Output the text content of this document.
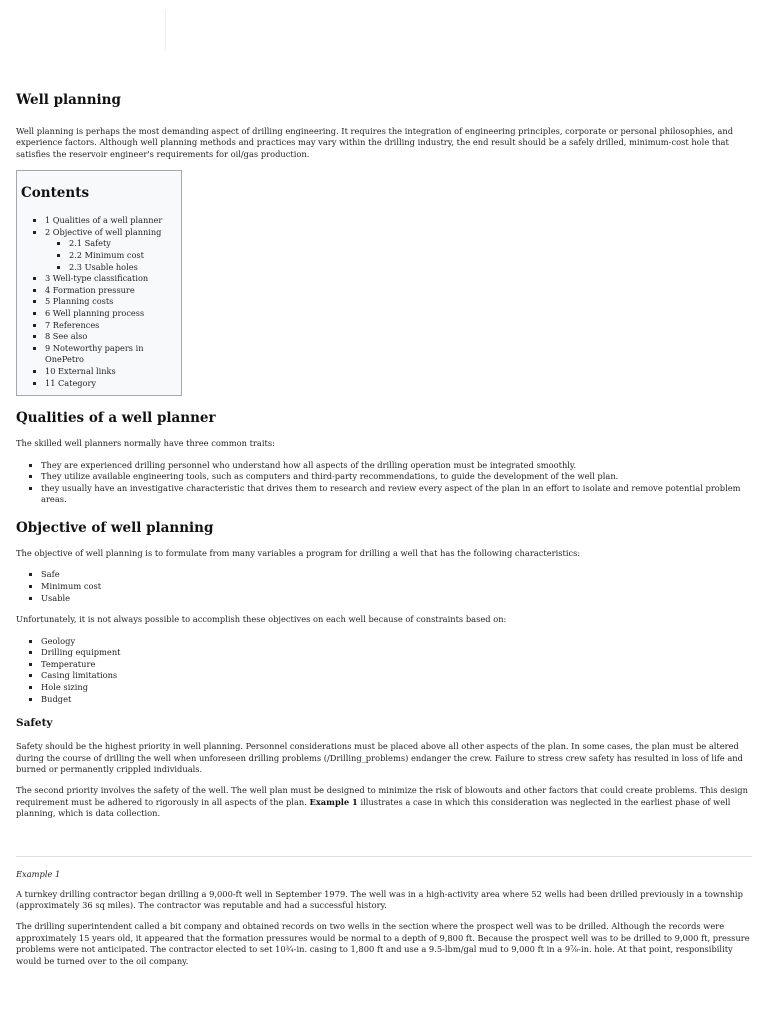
Well planning

Well planning is perhaps the most demanding aspect of drilling engineering. It requires the integration of engineering principles, corporate or personal philosophies, and experience factors. Although well planning methods and practices may vary within the drilling industry, the end result should be a safely drilled, minimum-cost hole that satisfies the reservoir engineer's requirements for oil/gas production.

Contents
▪ 1 Qualities of a well planner
▪ 2 Objective of well planning
▪ 2.1 Safety
▪ 2.2 Minimum cost
▪ 2.3 Usable holes
▪ 3 Well-type classification
▪ 4 Formation pressure
▪ 5 Planning costs
▪ 6 Well planning process
▪ 7 References
▪ 8 See also
▪ 9 Noteworthy papers in OnePetro
▪ 10 External links
▪ 11 Category
Qualities of a well planner

The skilled well planners normally have three common traits:

▪ They are experienced drilling personnel who understand how all aspects of the drilling operation must be integrated smoothly.
▪ They utilize available engineering tools, such as computers and third-party recommendations, to guide the development of the well plan.
▪ they usually have an investigative characteristic that drives them to research and review every aspect of the plan in an effort to isolate and remove potential problem areas.
Objective of well planning

The objective of well planning is to formulate from many variables a program for drilling a well that has the following characteristics:

▪ Safe
▪ Minimum cost
▪ Usable

Unfortunately, it is not always possible to accomplish these objectives on each well because of constraints based on:

▪ Geology
▪ Drilling equipment
▪ Temperature
▪ Casing limitations
▪ Hole sizing
▪ Budget
Safety

Safety should be the highest priority in well planning. Personnel considerations must be placed above all other aspects of the plan. In some cases, the plan must be altered during the course of drilling the well when unforeseen drilling problems (/Drilling_problems) endanger the crew. Failure to stress crew safety has resulted in loss of life and burned or permanently crippled individuals.

The second priority involves the safety of the well. The well plan must be designed to minimize the risk of blowouts and other factors that could create problems. This design requirement must be adhered to rigorously in all aspects of the plan. Example 1 illustrates a case in which this consideration was neglected in the earliest phase of well planning, which is data collection.

Example 1

A turnkey drilling contractor began drilling a 9,000-ft well in September 1979. The well was in a high-activity area where 52 wells had been drilled previously in a township (approximately 36 sq miles). The contractor was reputable and had a successful history.

The drilling superintendent called a bit company and obtained records on two wells in the section where the prospect well was to be drilled. Although the records were approximately 15 years old, it appeared that the formation pressures would be normal to a depth of 9,800 ft. Because the prospect well was to be drilled to 9,000 ft, pressure problems were not anticipated. The contractor elected to set 10¾-in. casing to 1,800 ft and use a 9.5-lbm/gal mud to 9,000 ft in a 9⅞-in. hole. At that point, responsibility would be turned over to the oil company.
